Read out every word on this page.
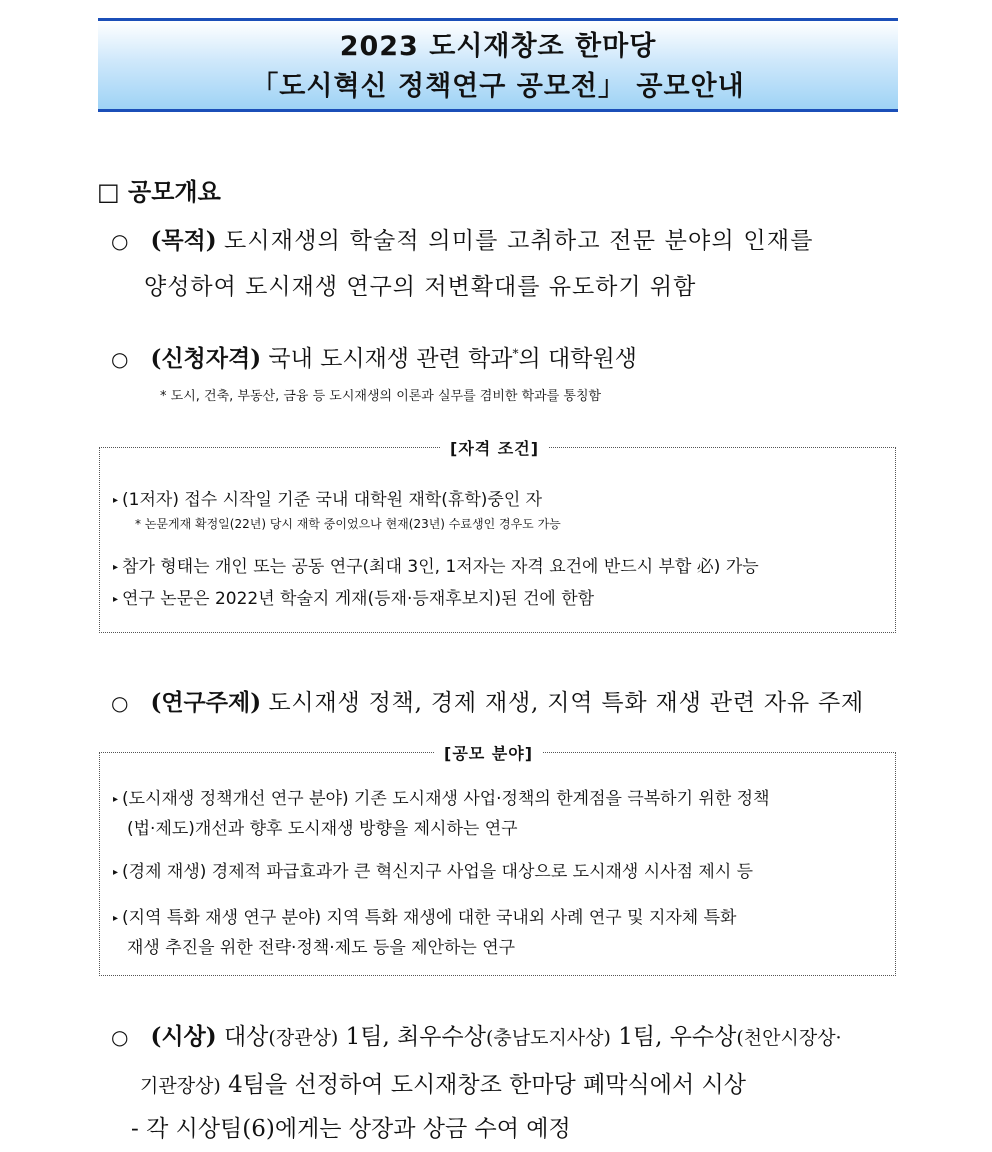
2023 도시재창조 한마당
「도시혁신 정책연구 공모전」 공모안내
□ 공모개요
○ (목적) 도시재생의 학술적 의미를 고취하고 전문 분야의 인재를
양성하여 도시재생 연구의 저변확대를 유도하기 위함
○ (신청자격) 국내 도시재생 관련 학과*의 대학원생
* 도시, 건축, 부동산, 금융 등 도시재생의 이론과 실무를 겸비한 학과를 통칭함
[자격 조건]
▸ (1저자) 접수 시작일 기준 국내 대학원 재학(휴학)중인 자
* 논문게재 확정일(22년) 당시 재학 중이었으나 현재(23년) 수료생인 경우도 가능
▸ 참가 형태는 개인 또는 공동 연구(최대 3인, 1저자는 자격 요건에 반드시 부합 必) 가능
▸ 연구 논문은 2022년 학술지 게재(등재·등재후보지)된 건에 한함
○ (연구주제) 도시재생 정책, 경제 재생, 지역 특화 재생 관련 자유 주제
[공모 분야]
▸ (도시재생 정책개선 연구 분야) 기존 도시재생 사업·정책의 한계점을 극복하기 위한 정책
(법·제도)개선과 향후 도시재생 방향을 제시하는 연구
▸ (경제 재생) 경제적 파급효과가 큰 혁신지구 사업을 대상으로 도시재생 시사점 제시 등
▸ (지역 특화 재생 연구 분야) 지역 특화 재생에 대한 국내외 사례 연구 및 지자체 특화
재생 추진을 위한 전략·정책·제도 등을 제안하는 연구
○ (시상) 대상(장관상) 1팀, 최우수상(충남도지사상) 1팀, 우수상(천안시장상·
기관장상) 4팀을 선정하여 도시재창조 한마당 폐막식에서 시상
- 각 시상팀(6)에게는 상장과 상금 수여 예정
